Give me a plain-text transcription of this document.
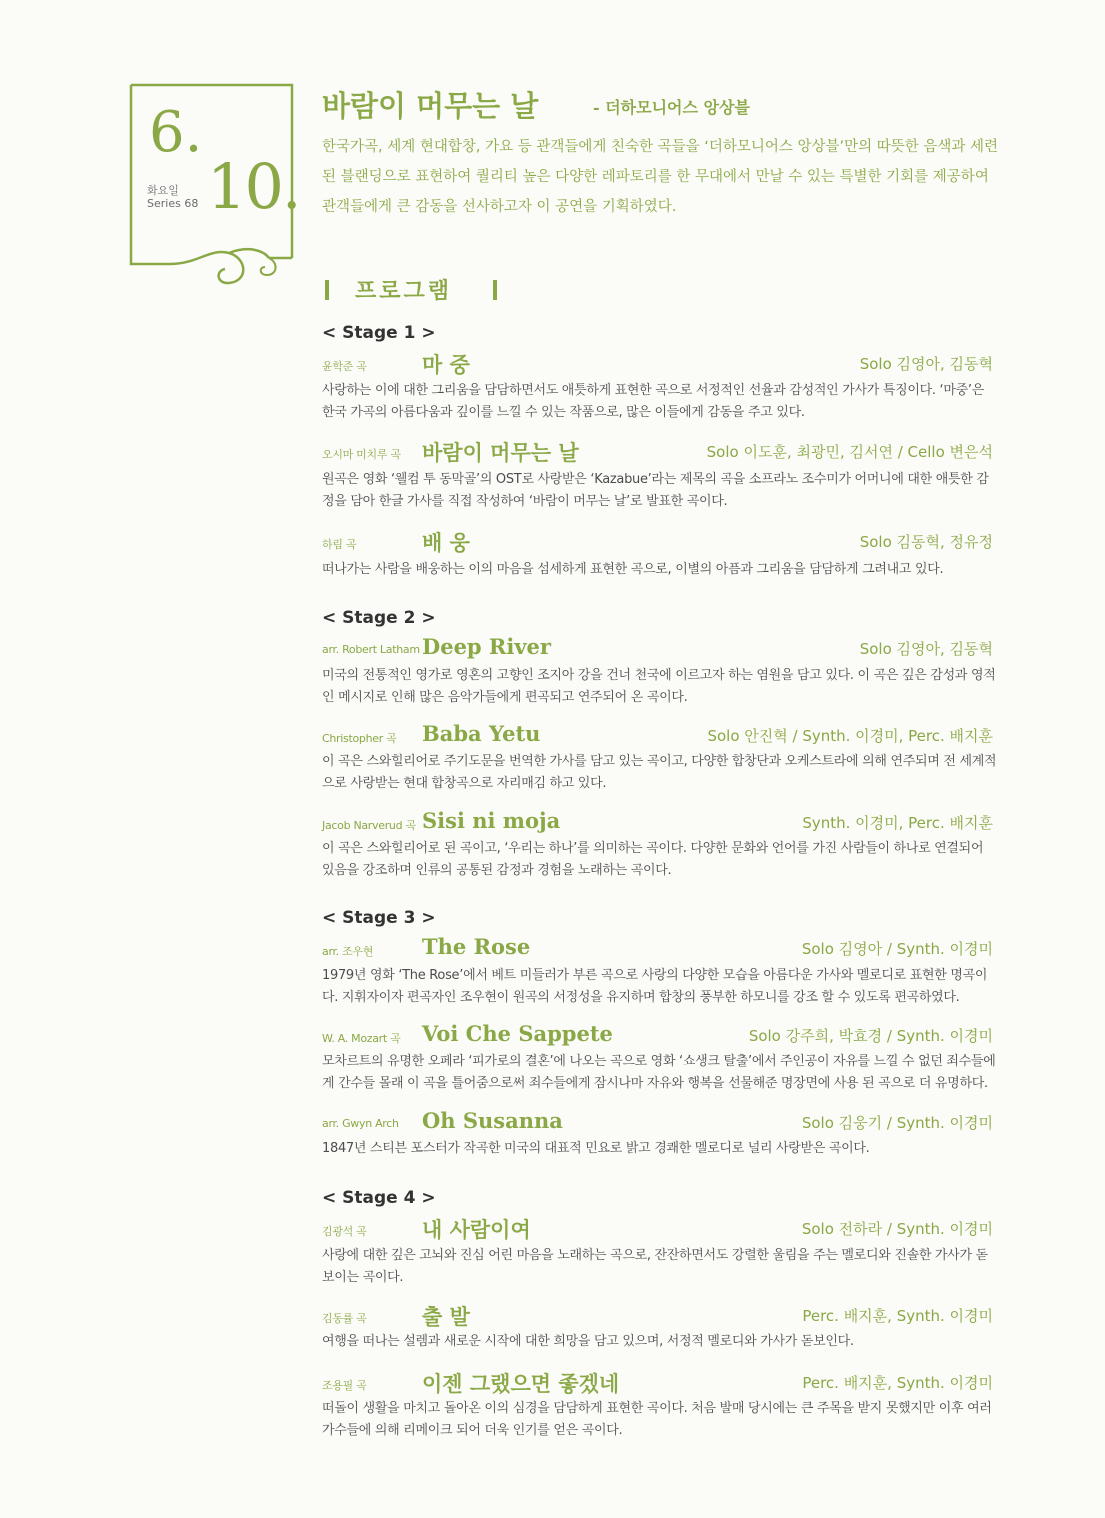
6.
10.
화요일
Series 68
바람이 머무는 날	- 더하모니어스 앙상블
한국가곡, 세계 현대합창, 가요 등 관객들에게 친숙한 곡들을 ‘더하모니어스 앙상블’만의 따뜻한 음색과 세련된 블랜딩으로 표현하여 퀄리티 높은 다양한 레파토리를 한 무대에서 만날 수 있는 특별한 기회를 제공하여 관객들에게 큰 감동을 선사하고자 이 공연을 기획하였다.
프로그램
< Stage 1 >
윤학준 곡	마 중	Solo 김영아, 김동혁
사랑하는 이에 대한 그리움을 담담하면서도 애틋하게 표현한 곡으로 서정적인 선율과 감성적인 가사가 특징이다. ‘마중’은 한국 가곡의 아름다움과 깊이를 느낄 수 있는 작품으로, 많은 이들에게 감동을 주고 있다.
오시마 미치루 곡 바람이 머무는 날	Solo 이도훈, 최광민, 김서연 / Cello 변은석
원곡은 영화 ‘웰컴 투 동막골’의 OST로 사랑받은 ‘Kazabue’라는 제목의 곡을 소프라노 조수미가 어머니에 대한 애틋한 감정을 담아 한글 가사를 직접 작성하여 ‘바람이 머무는 날’로 발표한 곡이다.
하림 곡	배 웅	Solo 김동혁, 정유정
떠나가는 사람을 배웅하는 이의 마음을 섬세하게 표현한 곡으로, 이별의 아픔과 그리움을 담담하게 그려내고 있다.
< Stage 2 >
arr. Robert Latham Deep River	Solo 김영아, 김동혁
미국의 전통적인 영가로 영혼의 고향인 조지아 강을 건너 천국에 이르고자 하는 염원을 담고 있다. 이 곡은 깊은 감성과 영적인 메시지로 인해 많은 음악가들에게 편곡되고 연주되어 온 곡이다.
Christopher 곡 Baba Yetu	Solo 안진혁 / Synth. 이경미, Perc. 배지훈
이 곡은 스와힐리어로 주기도문을 번역한 가사를 담고 있는 곡이고, 다양한 합창단과 오케스트라에 의해 연주되며 전 세계적으로 사랑받는 현대 합창곡으로 자리매김 하고 있다.
Jacob Narverud 곡 Sisi ni moja	Synth. 이경미, Perc. 배지훈
이 곡은 스와힐리어로 된 곡이고, ‘우리는 하나’를 의미하는 곡이다. 다양한 문화와 언어를 가진 사람들이 하나로 연결되어 있음을 강조하며 인류의 공통된 감정과 경험을 노래하는 곡이다.
< Stage 3 >
arr. 조우현 The Rose	Solo 김영아 / Synth. 이경미
1979년 영화 ‘The Rose’에서 베트 미들러가 부른 곡으로 사랑의 다양한 모습을 아름다운 가사와 멜로디로 표현한 명곡이다. 지휘자이자 편곡자인 조우현이 원곡의 서정성을 유지하며 합창의 풍부한 하모니를 강조 할 수 있도록 편곡하였다.
W. A. Mozart 곡 Voi Che Sappete	Solo 강주희, 박효경 / Synth. 이경미
모차르트의 유명한 오페라 ‘피가로의 결혼’에 나오는 곡으로 영화 ‘쇼생크 탈출’에서 주인공이 자유를 느낄 수 없던 죄수들에게 간수들 몰래 이 곡을 틀어줌으로써 죄수들에게 잠시나마 자유와 행복을 선물해준 명장면에 사용 된 곡으로 더 유명하다.
arr. Gwyn Arch Oh Susanna	Solo 김웅기 / Synth. 이경미
1847년 스티븐 포스터가 작곡한 미국의 대표적 민요로 밝고 경쾌한 멜로디로 널리 사랑받은 곡이다.
< Stage 4 >
김광석 곡	내 사람이여	Solo 전하라 / Synth. 이경미
사랑에 대한 깊은 고뇌와 진심 어린 마음을 노래하는 곡으로, 잔잔하면서도 강렬한 울림을 주는 멜로디와 진솔한 가사가 돋보이는 곡이다.
김동률 곡	출 발	Perc. 배지훈, Synth. 이경미
여행을 떠나는 설렘과 새로운 시작에 대한 희망을 담고 있으며, 서정적 멜로디와 가사가 돋보인다.
조용필 곡	이젠 그랬으면 좋겠네	Perc. 배지훈, Synth. 이경미
떠돌이 생활을 마치고 돌아온 이의 심경을 담담하게 표현한 곡이다. 처음 발매 당시에는 큰 주목을 받지 못했지만 이후 여러 가수들에 의해 리메이크 되어 더욱 인기를 얻은 곡이다.
